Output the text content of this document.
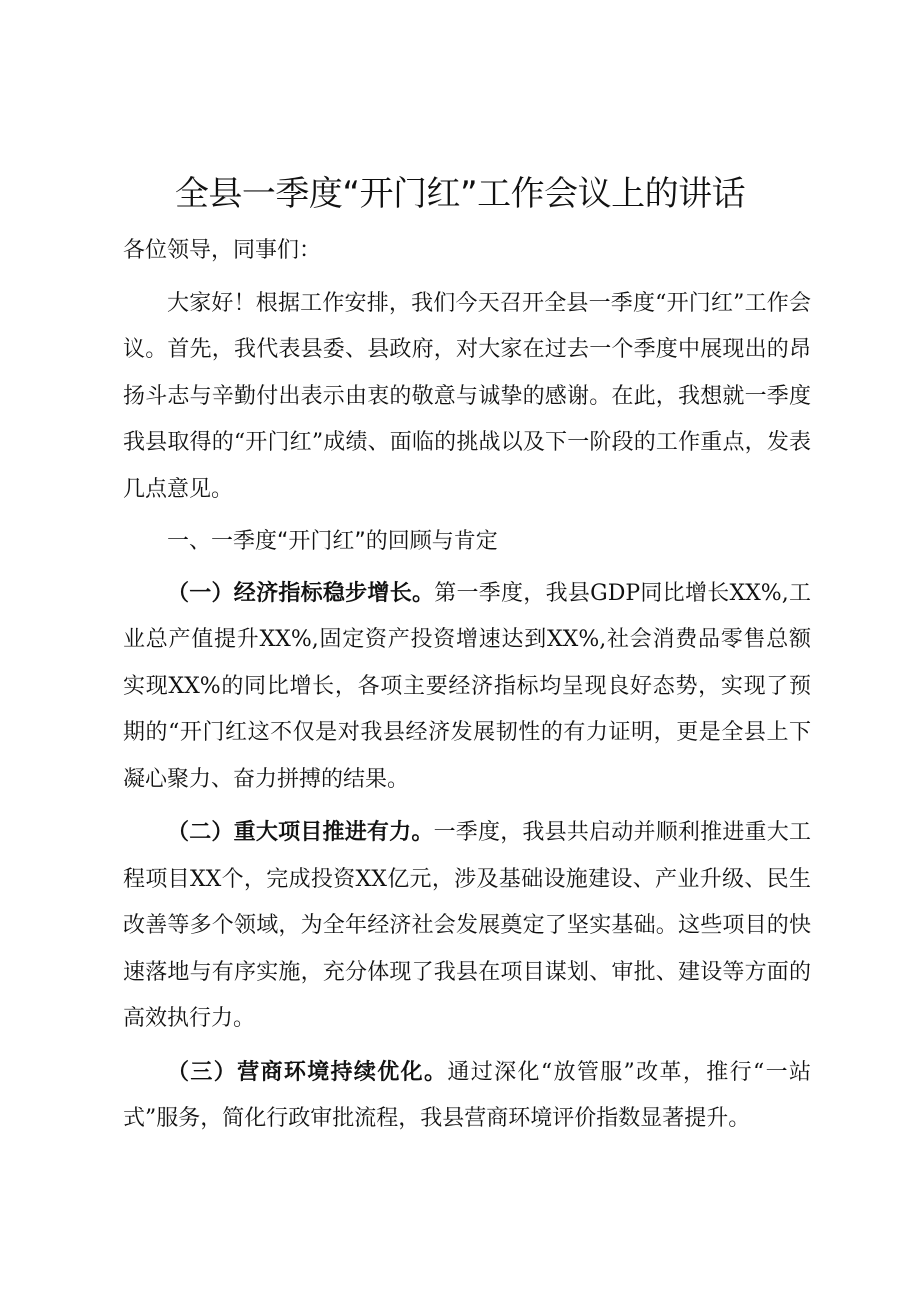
全县一季度“开门红”工作会议上的讲话

各位领导，同事们：

大家好！根据工作安排，我们今天召开全县一季度“开门红”工作会议。首先，我代表县委、县政府，对大家在过去一个季度中展现出的昂扬斗志与辛勤付出表示由衷的敬意与诚挚的感谢。在此，我想就一季度我县取得的“开门红”成绩、面临的挑战以及下一阶段的工作重点，发表几点意见。

一、一季度“开门红”的回顾与肯定

（一）经济指标稳步增长。第一季度，我县GDP同比增长XX%,工业总产值提升XX%,固定资产投资增速达到XX%,社会消费品零售总额实现XX%的同比增长，各项主要经济指标均呈现良好态势，实现了预期的“开门红这不仅是对我县经济发展韧性的有力证明，更是全县上下凝心聚力、奋力拼搏的结果。

（二）重大项目推进有力。一季度，我县共启动并顺利推进重大工程项目XX个，完成投资XX亿元，涉及基础设施建设、产业升级、民生改善等多个领域，为全年经济社会发展奠定了坚实基础。这些项目的快速落地与有序实施，充分体现了我县在项目谋划、审批、建设等方面的高效执行力。

（三）营商环境持续优化。通过深化“放管服”改革，推行“一站式”服务，简化行政审批流程，我县营商环境评价指数显著提升。
